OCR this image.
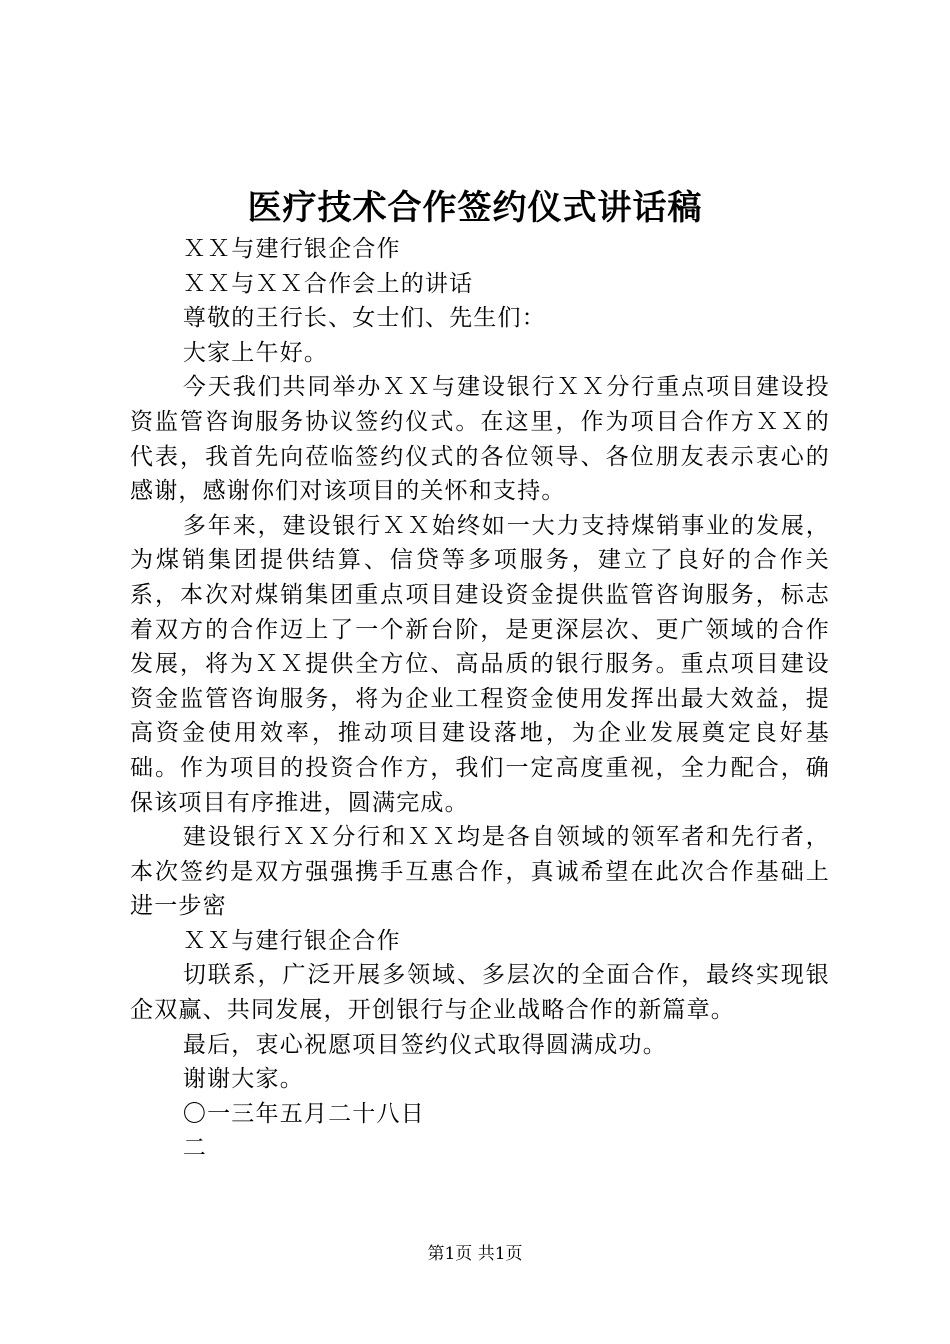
医疗技术合作签约仪式讲话稿

ＸＸ与建行银企合作

ＸＸ与ＸＸ合作会上的讲话

尊敬的王行长、女士们、先生们：

大家上午好。

今天我们共同举办ＸＸ与建设银行ＸＸ分行重点项目建设投资监管咨询服务协议签约仪式。在这里，作为项目合作方ＸＸ的代表，我首先向莅临签约仪式的各位领导、各位朋友表示衷心的感谢，感谢你们对该项目的关怀和支持。

多年来，建设银行ＸＸ始终如一大力支持煤销事业的发展，为煤销集团提供结算、信贷等多项服务，建立了良好的合作关系，本次对煤销集团重点项目建设资金提供监管咨询服务，标志着双方的合作迈上了一个新台阶，是更深层次、更广领域的合作发展，将为ＸＸ提供全方位、高品质的银行服务。重点项目建设资金监管咨询服务，将为企业工程资金使用发挥出最大效益，提高资金使用效率，推动项目建设落地，为企业发展奠定良好基础。作为项目的投资合作方，我们一定高度重视，全力配合，确保该项目有序推进，圆满完成。

建设银行ＸＸ分行和ＸＸ均是各自领域的领军者和先行者，本次签约是双方强强携手互惠合作，真诚希望在此次合作基础上进一步密

ＸＸ与建行银企合作

切联系，广泛开展多领域、多层次的全面合作，最终实现银企双赢、共同发展，开创银行与企业战略合作的新篇章。

最后，衷心祝愿项目签约仪式取得圆满成功。

谢谢大家。

〇一三年五月二十八日

二

第1页 共1页
